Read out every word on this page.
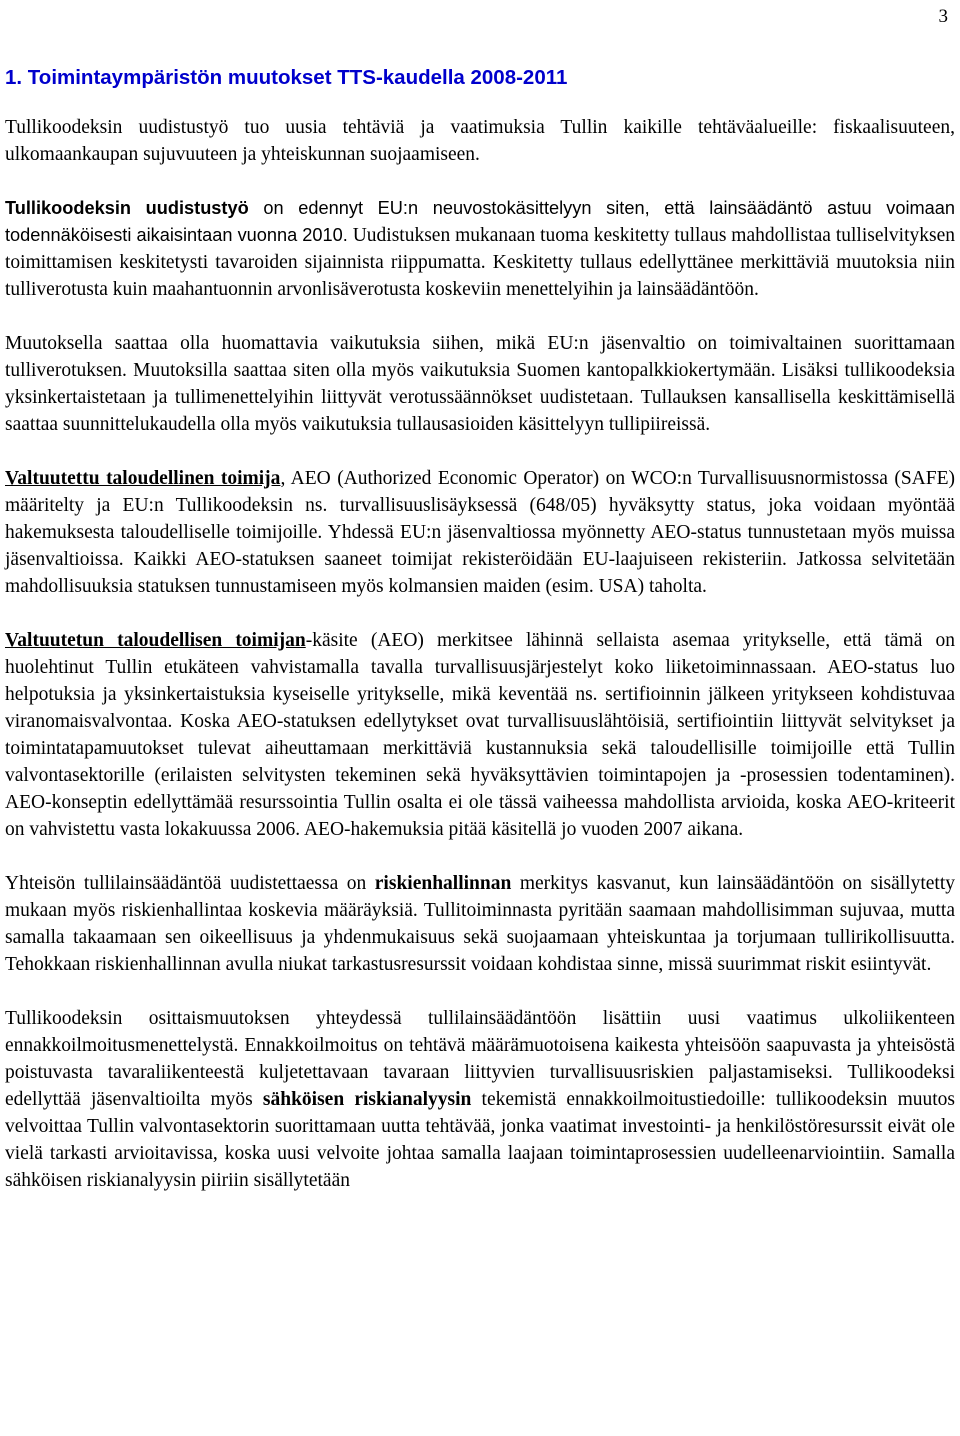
3
1. Toimintaympäristön muutokset TTS-kaudella 2008-2011

Tullikoodeksin uudistustyö tuo uusia tehtäviä ja vaatimuksia Tullin kaikille tehtäväalueille: fiskaalisuuteen, ulkomaankaupan sujuvuuteen ja yhteiskunnan suojaamiseen.

Tullikoodeksin uudistustyö on edennyt EU:n neuvostokäsittelyyn siten, että lainsäädäntö astuu voimaan todennäköisesti aikaisintaan vuonna 2010. Uudistuksen mukanaan tuoma keskitetty tullaus mahdollistaa tulliselvityksen toimittamisen keskitetysti tavaroiden sijainnista riippumatta. Keskitetty tullaus edellyttänee merkittäviä muutoksia niin tulliverotusta kuin maahantuonnin arvonlisäverotusta koskeviin menettelyihin ja lainsäädäntöön.

Muutoksella saattaa olla huomattavia vaikutuksia siihen, mikä EU:n jäsenvaltio on toimivaltainen suorittamaan tulliverotuksen. Muutoksilla saattaa siten olla myös vaikutuksia Suomen kantopalkkiokertymään. Lisäksi tullikoodeksia yksinkertaistetaan ja tullimenettelyihin liittyvät verotussäännökset uudistetaan. Tullauksen kansallisella keskittämisellä saattaa suunnittelukaudella olla myös vaikutuksia tullausasioiden käsittelyyn tullipiireissä.

Valtuutettu taloudellinen toimija, AEO (Authorized Economic Operator) on WCO:n Turvallisuusnormistossa (SAFE) määritelty ja EU:n Tullikoodeksin ns. turvallisuuslisäyksessä (648/05) hyväksytty status, joka voidaan myöntää hakemuksesta taloudelliselle toimijoille. Yhdessä EU:n jäsenvaltiossa myönnetty AEO-status tunnustetaan myös muissa jäsenvaltioissa. Kaikki AEO-statuksen saaneet toimijat rekisteröidään EU-laajuiseen rekisteriin. Jatkossa selvitetään mahdollisuuksia statuksen tunnustamiseen myös kolmansien maiden (esim. USA) taholta.

Valtuutetun taloudellisen toimijan-käsite (AEO) merkitsee lähinnä sellaista asemaa yritykselle, että tämä on huolehtinut Tullin etukäteen vahvistamalla tavalla turvallisuusjärjestelyt koko liiketoiminnassaan. AEO-status luo helpotuksia ja yksinkertaistuksia kyseiselle yritykselle, mikä keventää ns. sertifioinnin jälkeen yritykseen kohdistuvaa viranomaisvalvontaa. Koska AEO-statuksen edellytykset ovat turvallisuuslähtöisiä, sertifiointiin liittyvät selvitykset ja toimintatapamuutokset tulevat aiheuttamaan merkittäviä kustannuksia sekä taloudellisille toimijoille että Tullin valvontasektorille (erilaisten selvitysten tekeminen sekä hyväksyttävien toimintapojen ja -prosessien todentaminen). AEO-konseptin edellyttämää resurssointia Tullin osalta ei ole tässä vaiheessa mahdollista arvioida, koska AEO-kriteerit on vahvistettu vasta lokakuussa 2006. AEO-hakemuksia pitää käsitellä jo vuoden 2007 aikana.

Yhteisön tullilainsäädäntöä uudistettaessa on riskienhallinnan merkitys kasvanut, kun lainsäädäntöön on sisällytetty mukaan myös riskienhallintaa koskevia määräyksiä. Tullitoiminnasta pyritään saamaan mahdollisimman sujuvaa, mutta samalla takaamaan sen oikeellisuus ja yhdenmukaisuus sekä suojaamaan yhteiskuntaa ja torjumaan tullirikollisuutta. Tehokkaan riskienhallinnan avulla niukat tarkastusresurssit voidaan kohdistaa sinne, missä suurimmat riskit esiintyvät.

Tullikoodeksin osittaismuutoksen yhteydessä tullilainsäädäntöön lisättiin uusi vaatimus ulkoliikenteen ennakkoilmoitusmenettelystä. Ennakkoilmoitus on tehtävä määrämuotoisena kaikesta yhteisöön saapuvasta ja yhteisöstä poistuvasta tavaraliikenteestä kuljetettavaan tavaraan liittyvien turvallisuusriskien paljastamiseksi. Tullikoodeksi edellyttää jäsenvaltioilta myös sähköisen riskianalyysin tekemistä ennakkoilmoitustiedoille: tullikoodeksin muutos velvoittaa Tullin valvontasektorin suorittamaan uutta tehtävää, jonka vaatimat investointi- ja henkilöstöresurssit eivät ole vielä tarkasti arvioitavissa, koska uusi velvoite johtaa samalla laajaan toimintaprosessien uudelleenarviointiin. Samalla sähköisen riskianalyysin piiriin sisällytetään
